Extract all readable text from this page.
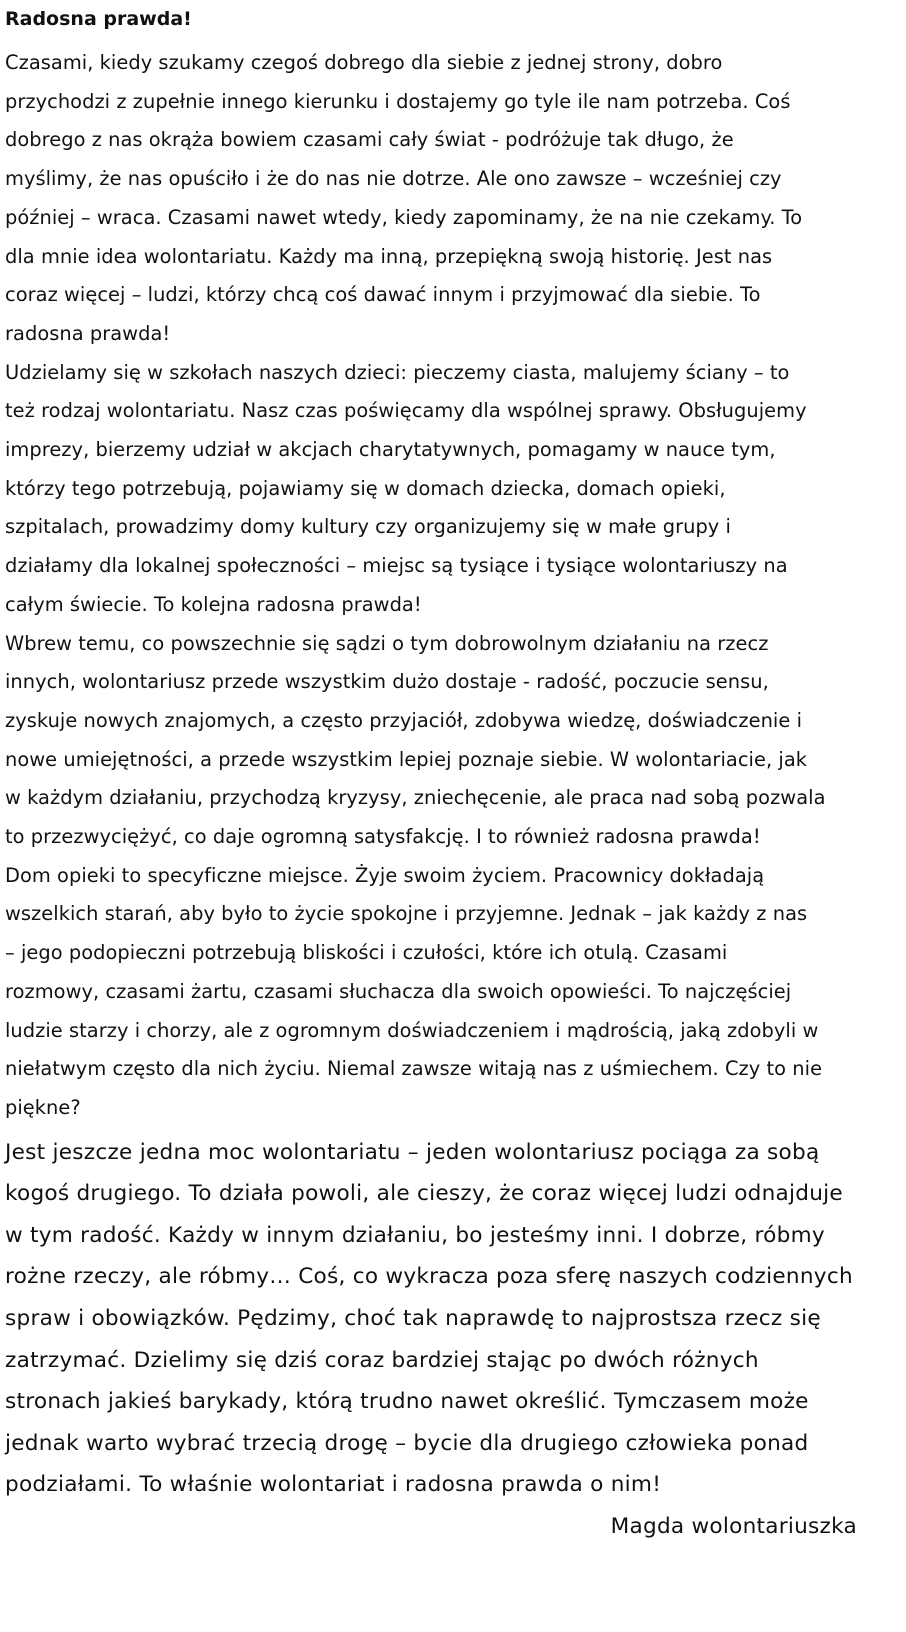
Radosna prawda!

Czasami, kiedy szukamy czegoś dobrego dla siebie z jednej strony, dobro

przychodzi z zupełnie innego kierunku i dostajemy go tyle ile nam potrzeba. Coś

dobrego z nas okrąża bowiem czasami cały świat - podróżuje tak długo, że

myślimy, że nas opuściło i że do nas nie dotrze. Ale ono zawsze – wcześniej czy

później – wraca. Czasami nawet wtedy, kiedy zapominamy, że na nie czekamy. To

dla mnie idea wolontariatu. Każdy ma inną, przepiękną swoją historię. Jest nas

coraz więcej – ludzi, którzy chcą coś dawać innym i przyjmować dla siebie. To

radosna prawda!

Udzielamy się w szkołach naszych dzieci: pieczemy ciasta, malujemy ściany – to

też rodzaj wolontariatu. Nasz czas poświęcamy dla wspólnej sprawy. Obsługujemy

imprezy, bierzemy udział w akcjach charytatywnych, pomagamy w nauce tym,

którzy tego potrzebują, pojawiamy się w domach dziecka, domach opieki,

szpitalach, prowadzimy domy kultury czy organizujemy się w małe grupy i

działamy dla lokalnej społeczności – miejsc są tysiące i tysiące wolontariuszy na

całym świecie. To kolejna radosna prawda!

Wbrew temu, co powszechnie się sądzi o tym dobrowolnym działaniu na rzecz

innych, wolontariusz przede wszystkim dużo dostaje - radość, poczucie sensu,

zyskuje nowych znajomych, a często przyjaciół, zdobywa wiedzę, doświadczenie i

nowe umiejętności, a przede wszystkim lepiej poznaje siebie. W wolontariacie, jak

w każdym działaniu, przychodzą kryzysy, zniechęcenie, ale praca nad sobą pozwala

to przezwyciężyć, co daje ogromną satysfakcję. I to również radosna prawda!

Dom opieki to specyficzne miejsce. Żyje swoim życiem. Pracownicy dokładają

wszelkich starań, aby było to życie spokojne i przyjemne. Jednak – jak każdy z nas

– jego podopieczni potrzebują bliskości i czułości, które ich otulą. Czasami

rozmowy, czasami żartu, czasami słuchacza dla swoich opowieści. To najczęściej

ludzie starzy i chorzy, ale z ogromnym doświadczeniem i mądrością, jaką zdobyli w

niełatwym często dla nich życiu. Niemal zawsze witają nas z uśmiechem. Czy to nie

piękne?

Jest jeszcze jedna moc wolontariatu – jeden wolontariusz pociąga za sobą

kogoś drugiego. To działa powoli, ale cieszy, że coraz więcej ludzi odnajduje

w tym radość. Każdy w innym działaniu, bo jesteśmy inni. I dobrze, róbmy

rożne rzeczy, ale róbmy… Coś, co wykracza poza sferę naszych codziennych

spraw i obowiązków. Pędzimy, choć tak naprawdę to najprostsza rzecz się

zatrzymać. Dzielimy się dziś coraz bardziej stając po dwóch różnych

stronach jakieś barykady, którą trudno nawet określić. Tymczasem może

jednak warto wybrać trzecią drogę – bycie dla drugiego człowieka ponad

podziałami. To właśnie wolontariat i radosna prawda o nim!

Magda wolontariuszka
